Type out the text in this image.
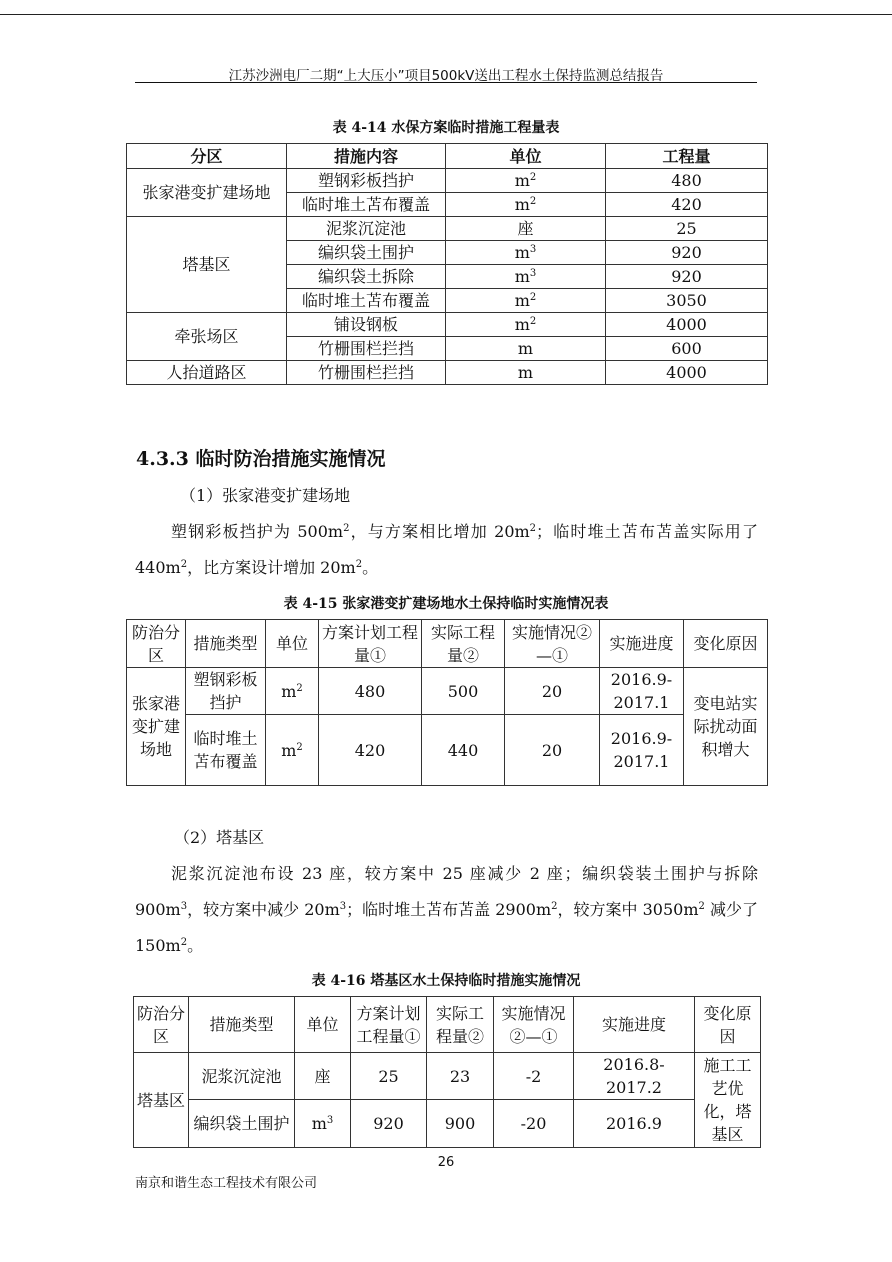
江苏沙洲电厂二期“上大压小”项目500kV送出工程水土保持监测总结报告
表 4-14 水保方案临时措施工程量表
分区	措施内容	单位	工程量
张家港变扩建场地	塑钢彩板挡护	$m^2$	480
	临时堆土苫布覆盖	$m^2$	420
塔基区	泥浆沉淀池	座	25
	编织袋土围护	$m^3$	920
	编织袋土拆除	$m^3$	920
	临时堆土苫布覆盖	$m^2$	3050
牵张场区	铺设钢板	$m^2$	4000
	竹栅围栏拦挡	m	600
人抬道路区	竹栅围栏拦挡	m	4000
4.3.3 临时防治措施实施情况
（1）张家港变扩建场地
塑钢彩板挡护为 $500m^2$，与方案相比增加 $20m^2$；临时堆土苫布苫盖实际用了 $440m^2$，比方案设计增加 $20m^2$。
表 4-15 张家港变扩建场地水土保持临时实施情况表
防治分区	措施类型	单位	方案计划工程量①	实际工程量②	实施情况②—①	实施进度	变化原因
张家港变扩建场地	塑钢彩板挡护	$m^2$	480	500	20	2016.9-2017.1	变电站实际扰动面积增大
	临时堆土苫布覆盖	$m^2$	420	440	20	2016.9-2017.1	
（2）塔基区
泥浆沉淀池布设 23 座，较方案中 25 座减少 2 座；编织袋装土围护与拆除 $900m^3$，较方案中减少 $20m^3$；临时堆土苫布苫盖 $2900m^2$，较方案中 $3050m^2$ 减少了 $150m^2$。
表 4-16 塔基区水土保持临时措施实施情况
防治分区	措施类型	单位	方案计划工程量①	实际工程量②	实施情况②—①	实施进度	变化原因
塔基区	泥浆沉淀池	座	25	23	-2	2016.8-2017.2	施工工艺优化，塔基区
	编织袋土围护	$m^3$	920	900	-20	2016.9	
26
南京和谐生态工程技术有限公司
